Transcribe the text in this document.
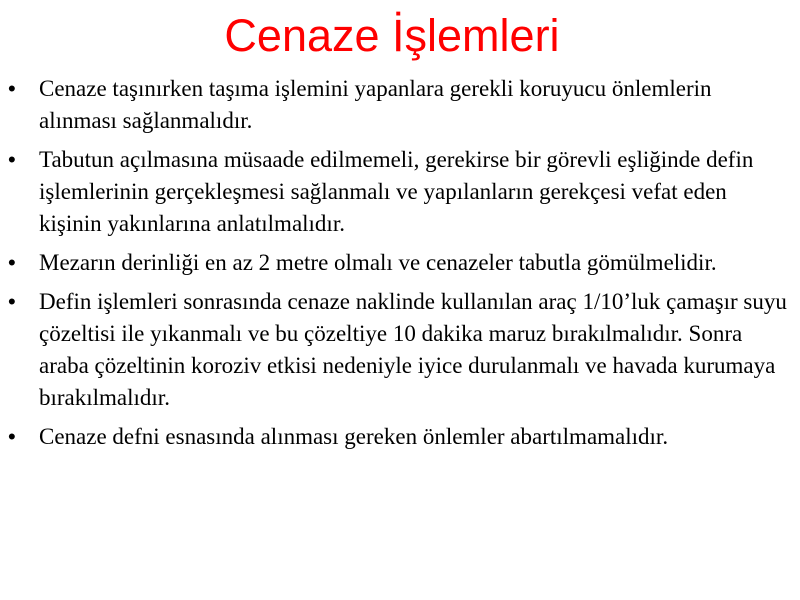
Cenaze İşlemleri
• Cenaze taşınırken taşıma işlemini yapanlara gerekli koruyucu önlemlerin alınması sağlanmalıdır.
• Tabutun açılmasına müsaade edilmemeli, gerekirse bir görevli eşliğinde defin işlemlerinin gerçekleşmesi sağlanmalı ve yapılanların gerekçesi vefat eden kişinin yakınlarına anlatılmalıdır.
• Mezarın derinliği en az 2 metre olmalı ve cenazeler tabutla gömülmelidir.
• Defin işlemleri sonrasında cenaze naklinde kullanılan araç 1/10’luk çamaşır suyu çözeltisi ile yıkanmalı ve bu çözeltiye 10 dakika maruz bırakılmalıdır. Sonra araba çözeltinin koroziv etkisi nedeniyle iyice durulanmalı ve havada kurumaya bırakılmalıdır.
• Cenaze defni esnasında alınması gereken önlemler abartılmamalıdır.
